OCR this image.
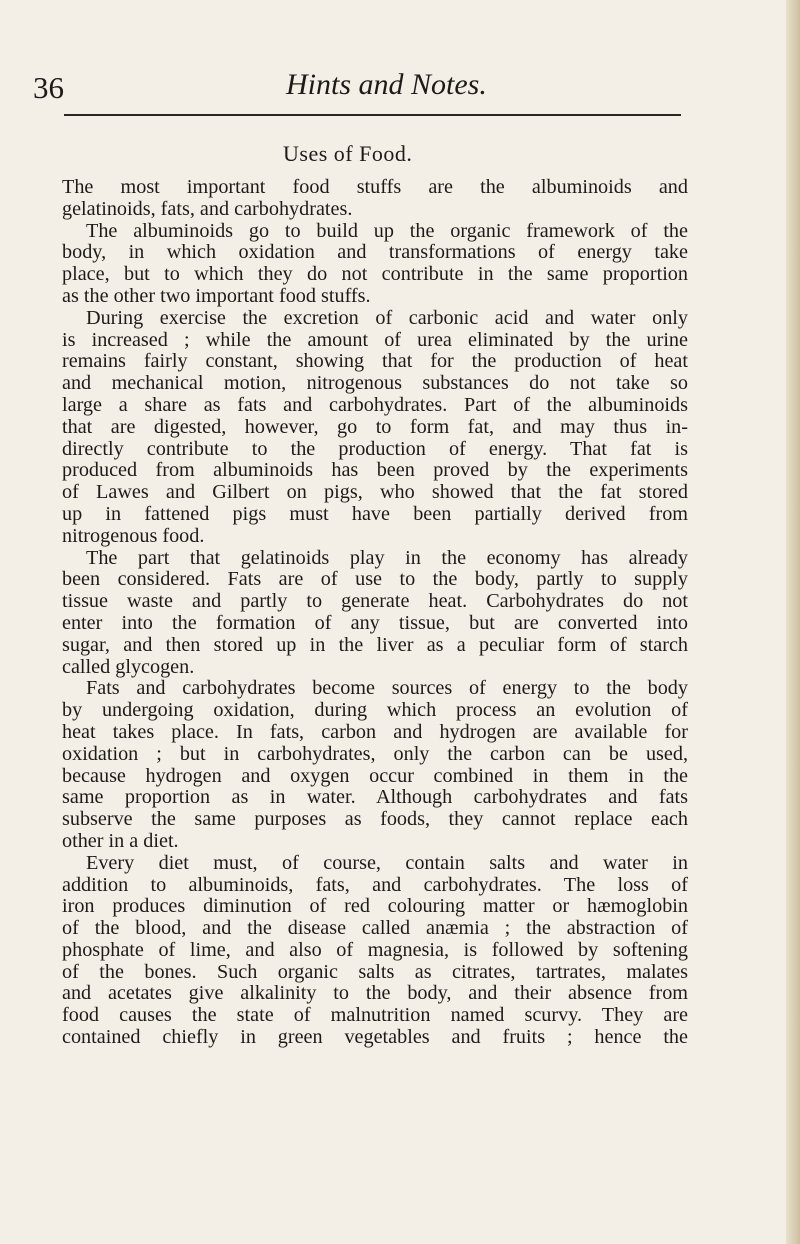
36	Hints and Notes.
Uses of Food.
The most important food stuffs are the albuminoids and
gelatinoids, fats, and carbohydrates.
The albuminoids go to build up the organic framework of the
body, in which oxidation and transformations of energy take
place, but to which they do not contribute in the same proportion
as the other two important food stuffs.
During exercise the excretion of carbonic acid and water only
is increased ; while the amount of urea eliminated by the urine
remains fairly constant, showing that for the production of heat
and mechanical motion, nitrogenous substances do not take so
large a share as fats and carbohydrates. Part of the albuminoids
that are digested, however, go to form fat, and may thus in-
directly contribute to the production of energy. That fat is
produced from albuminoids has been proved by the experiments
of Lawes and Gilbert on pigs, who showed that the fat stored
up in fattened pigs must have been partially derived from
nitrogenous food.
The part that gelatinoids play in the economy has already
been considered. Fats are of use to the body, partly to supply
tissue waste and partly to generate heat. Carbohydrates do not
enter into the formation of any tissue, but are converted into
sugar, and then stored up in the liver as a peculiar form of starch
called glycogen.
Fats and carbohydrates become sources of energy to the body
by undergoing oxidation, during which process an evolution of
heat takes place. In fats, carbon and hydrogen are available for
oxidation ; but in carbohydrates, only the carbon can be used,
because hydrogen and oxygen occur combined in them in the
same proportion as in water. Although carbohydrates and fats
subserve the same purposes as foods, they cannot replace each
other in a diet.
Every diet must, of course, contain salts and water in
addition to albuminoids, fats, and carbohydrates. The loss of
iron produces diminution of red colouring matter or hæmoglobin
of the blood, and the disease called anæmia ; the abstraction of
phosphate of lime, and also of magnesia, is followed by softening
of the bones. Such organic salts as citrates, tartrates, malates
and acetates give alkalinity to the body, and their absence from
food causes the state of malnutrition named scurvy. They are
contained chiefly in green vegetables and fruits ; hence the
